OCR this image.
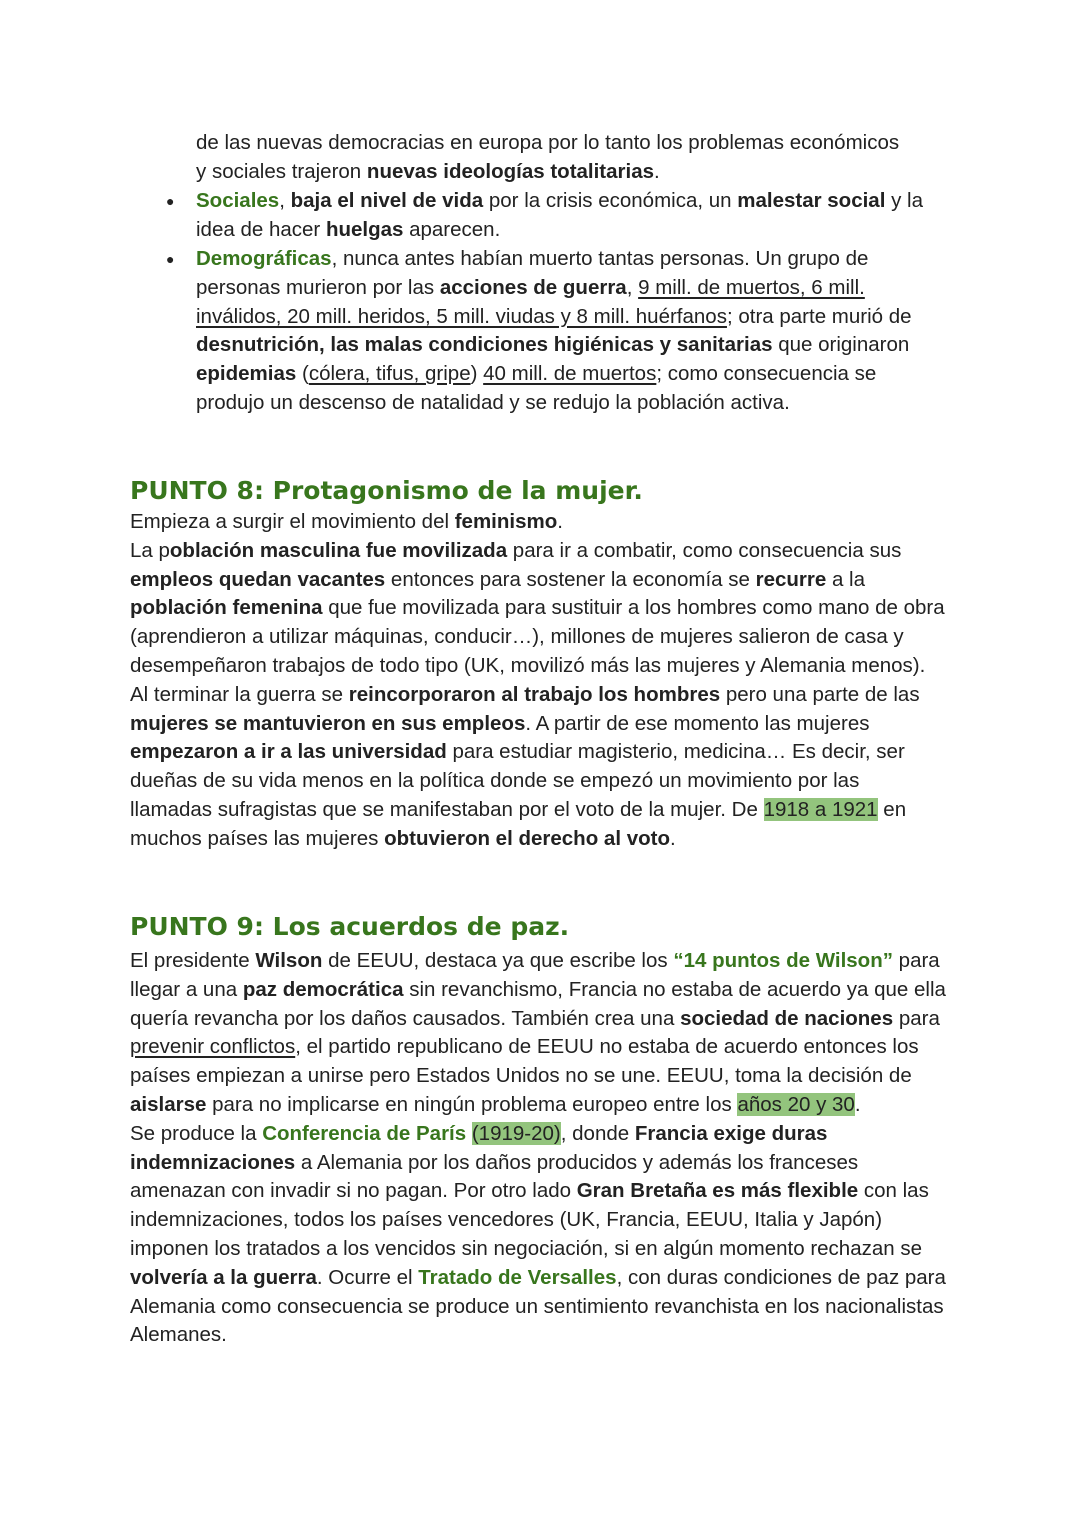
de las nuevas democracias en europa por lo tanto los problemas económicos

y sociales trajeron nuevas ideologías totalitarias.

● Sociales, baja el nivel de vida por la crisis económica, un malestar social y la idea de hacer huelgas aparecen.
● Demográficas, nunca antes habían muerto tantas personas. Un grupo de personas murieron por las acciones de guerra, 9 mill. de muertos, 6 mill. inválidos, 20 mill. heridos, 5 mill. viudas y 8 mill. huérfanos; otra parte murió de desnutrición, las malas condiciones higiénicas y sanitarias que originaron epidemias (cólera, tifus, gripe) 40 mill. de muertos; como consecuencia se produjo un descenso de natalidad y se redujo la población activa.
PUNTO 8: Protagonismo de la mujer.

Empieza a surgir el movimiento del feminismo.

La población masculina fue movilizada para ir a combatir, como consecuencia sus empleos quedan vacantes entonces para sostener la economía se recurre a la población femenina que fue movilizada para sustituir a los hombres como mano de obra (aprendieron a utilizar máquinas, conducir…), millones de mujeres salieron de casa y desempeñaron trabajos de todo tipo (UK, movilizó más las mujeres y Alemania menos). Al terminar la guerra se reincorporaron al trabajo los hombres pero una parte de las mujeres se mantuvieron en sus empleos. A partir de ese momento las mujeres empezaron a ir a las universidad para estudiar magisterio, medicina… Es decir, ser dueñas de su vida menos en la política donde se empezó un movimiento por las llamadas sufragistas que se manifestaban por el voto de la mujer. De 1918 a 1921 en muchos países las mujeres obtuvieron el derecho al voto.

PUNTO 9: Los acuerdos de paz.

El presidente Wilson de EEUU, destaca ya que escribe los “14 puntos de Wilson” para llegar a una paz democrática sin revanchismo, Francia no estaba de acuerdo ya que ella quería revancha por los daños causados. También crea una sociedad de naciones para prevenir conflictos, el partido republicano de EEUU no estaba de acuerdo entonces los países empiezan a unirse pero Estados Unidos no se une. EEUU, toma la decisión de aislarse para no implicarse en ningún problema europeo entre los años 20 y 30.

Se produce la Conferencia de París (1919-20), donde Francia exige duras indemnizaciones a Alemania por los daños producidos y además los franceses amenazan con invadir si no pagan. Por otro lado Gran Bretaña es más flexible con las indemnizaciones, todos los países vencedores (UK, Francia, EEUU, Italia y Japón) imponen los tratados a los vencidos sin negociación, si en algún momento rechazan se volvería a la guerra. Ocurre el Tratado de Versalles, con duras condiciones de paz para Alemania como consecuencia se produce un sentimiento revanchista en los nacionalistas Alemanes.
